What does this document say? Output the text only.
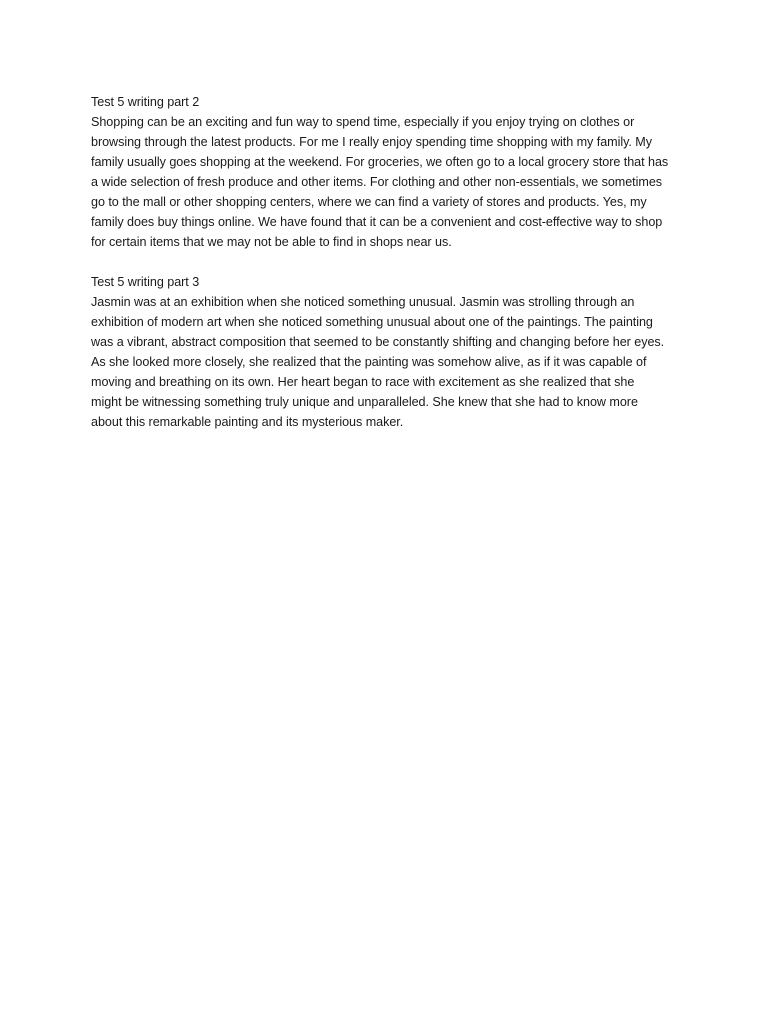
Test 5 writing part 2
Shopping can be an exciting and fun way to spend time, especially if you enjoy trying on clothes or
browsing through the latest products. For me I really enjoy spending time shopping with my family. My
family usually goes shopping at the weekend. For groceries, we often go to a local grocery store that has
a wide selection of fresh produce and other items. For clothing and other non-essentials, we sometimes
go to the mall or other shopping centers, where we can find a variety of stores and products. Yes, my
family does buy things online. We have found that it can be a convenient and cost-effective way to shop
for certain items that we may not be able to find in shops near us.
Test 5 writing part 3
Jasmin was at an exhibition when she noticed something unusual. Jasmin was strolling through an
exhibition of modern art when she noticed something unusual about one of the paintings. The painting
was a vibrant, abstract composition that seemed to be constantly shifting and changing before her eyes.
As she looked more closely, she realized that the painting was somehow alive, as if it was capable of
moving and breathing on its own. Her heart began to race with excitement as she realized that she
might be witnessing something truly unique and unparalleled. She knew that she had to know more
about this remarkable painting and its mysterious maker.
